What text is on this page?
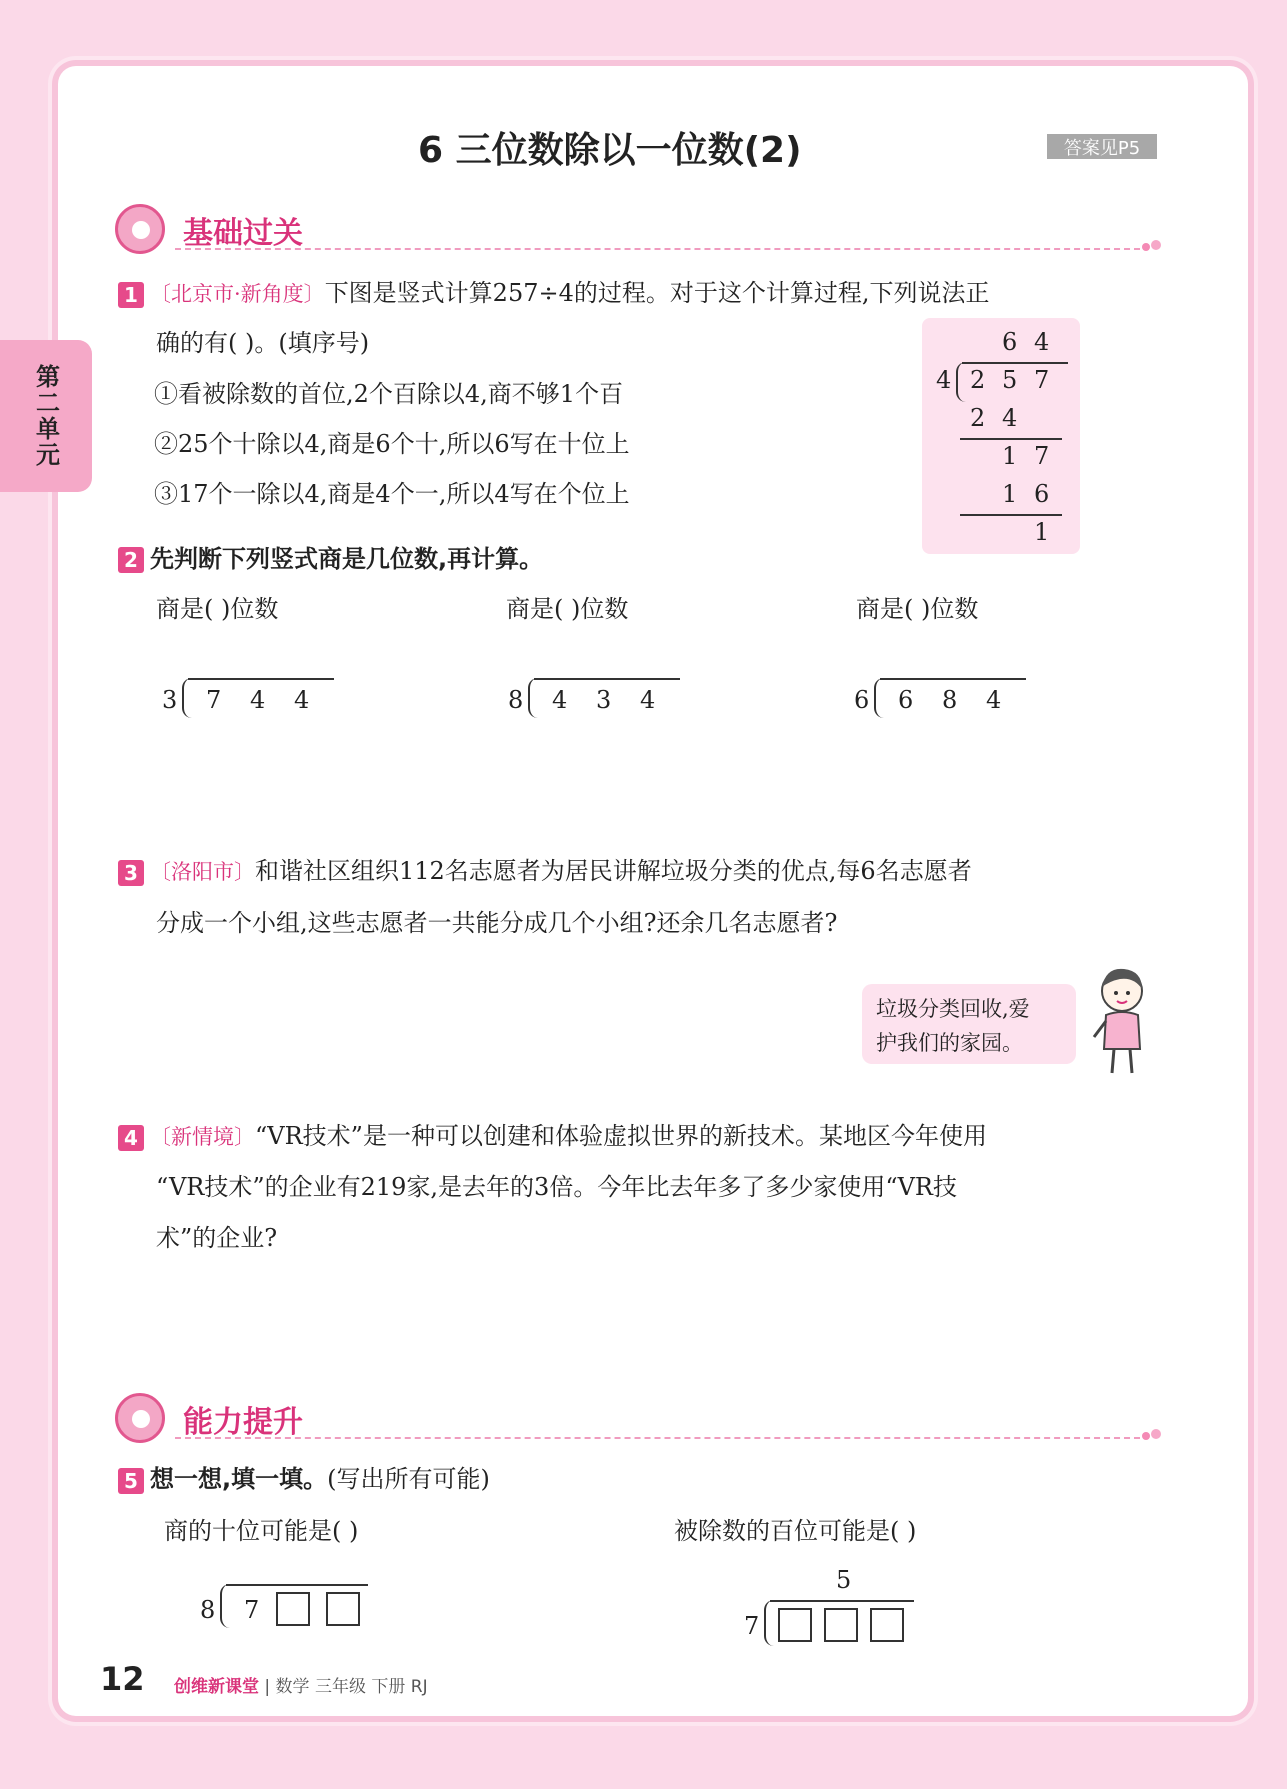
第二单元
6 三位数除以一位数(2)	答案见P5
基础过关
1 〔北京市·新角度〕下图是竖式计算257÷4的过程。对于这个计算过程,下列说法正
确的有( )。(填序号)
①看被除数的首位,2个百除以4,商不够1个百
②25个十除以4,商是6个十,所以6写在十位上
③17个一除以4,商是4个一,所以4写在个位上
6 4
4 2 5 7
2 4
1 7
1 6
1
2 先判断下列竖式商是几位数,再计算。
商是( )位数	商是( )位数	商是( )位数
3 7 4 4	8 4 3 4	6 6 8 4
3 〔洛阳市〕和谐社区组织112名志愿者为居民讲解垃圾分类的优点,每6名志愿者
分成一个小组,这些志愿者一共能分成几个小组?还余几名志愿者?
垃圾分类回收,爱
护我们的家园。
4 〔新情境〕“VR技术”是一种可以创建和体验虚拟世界的新技术。某地区今年使用
“VR技术”的企业有219家,是去年的3倍。今年比去年多了多少家使用“VR技
术”的企业?
能力提升
5 想一想,填一填。(写出所有可能)
商的十位可能是( )	被除数的百位可能是( )
8 7
5
7
12 创维新课堂 | 数学 三年级 下册 RJ
